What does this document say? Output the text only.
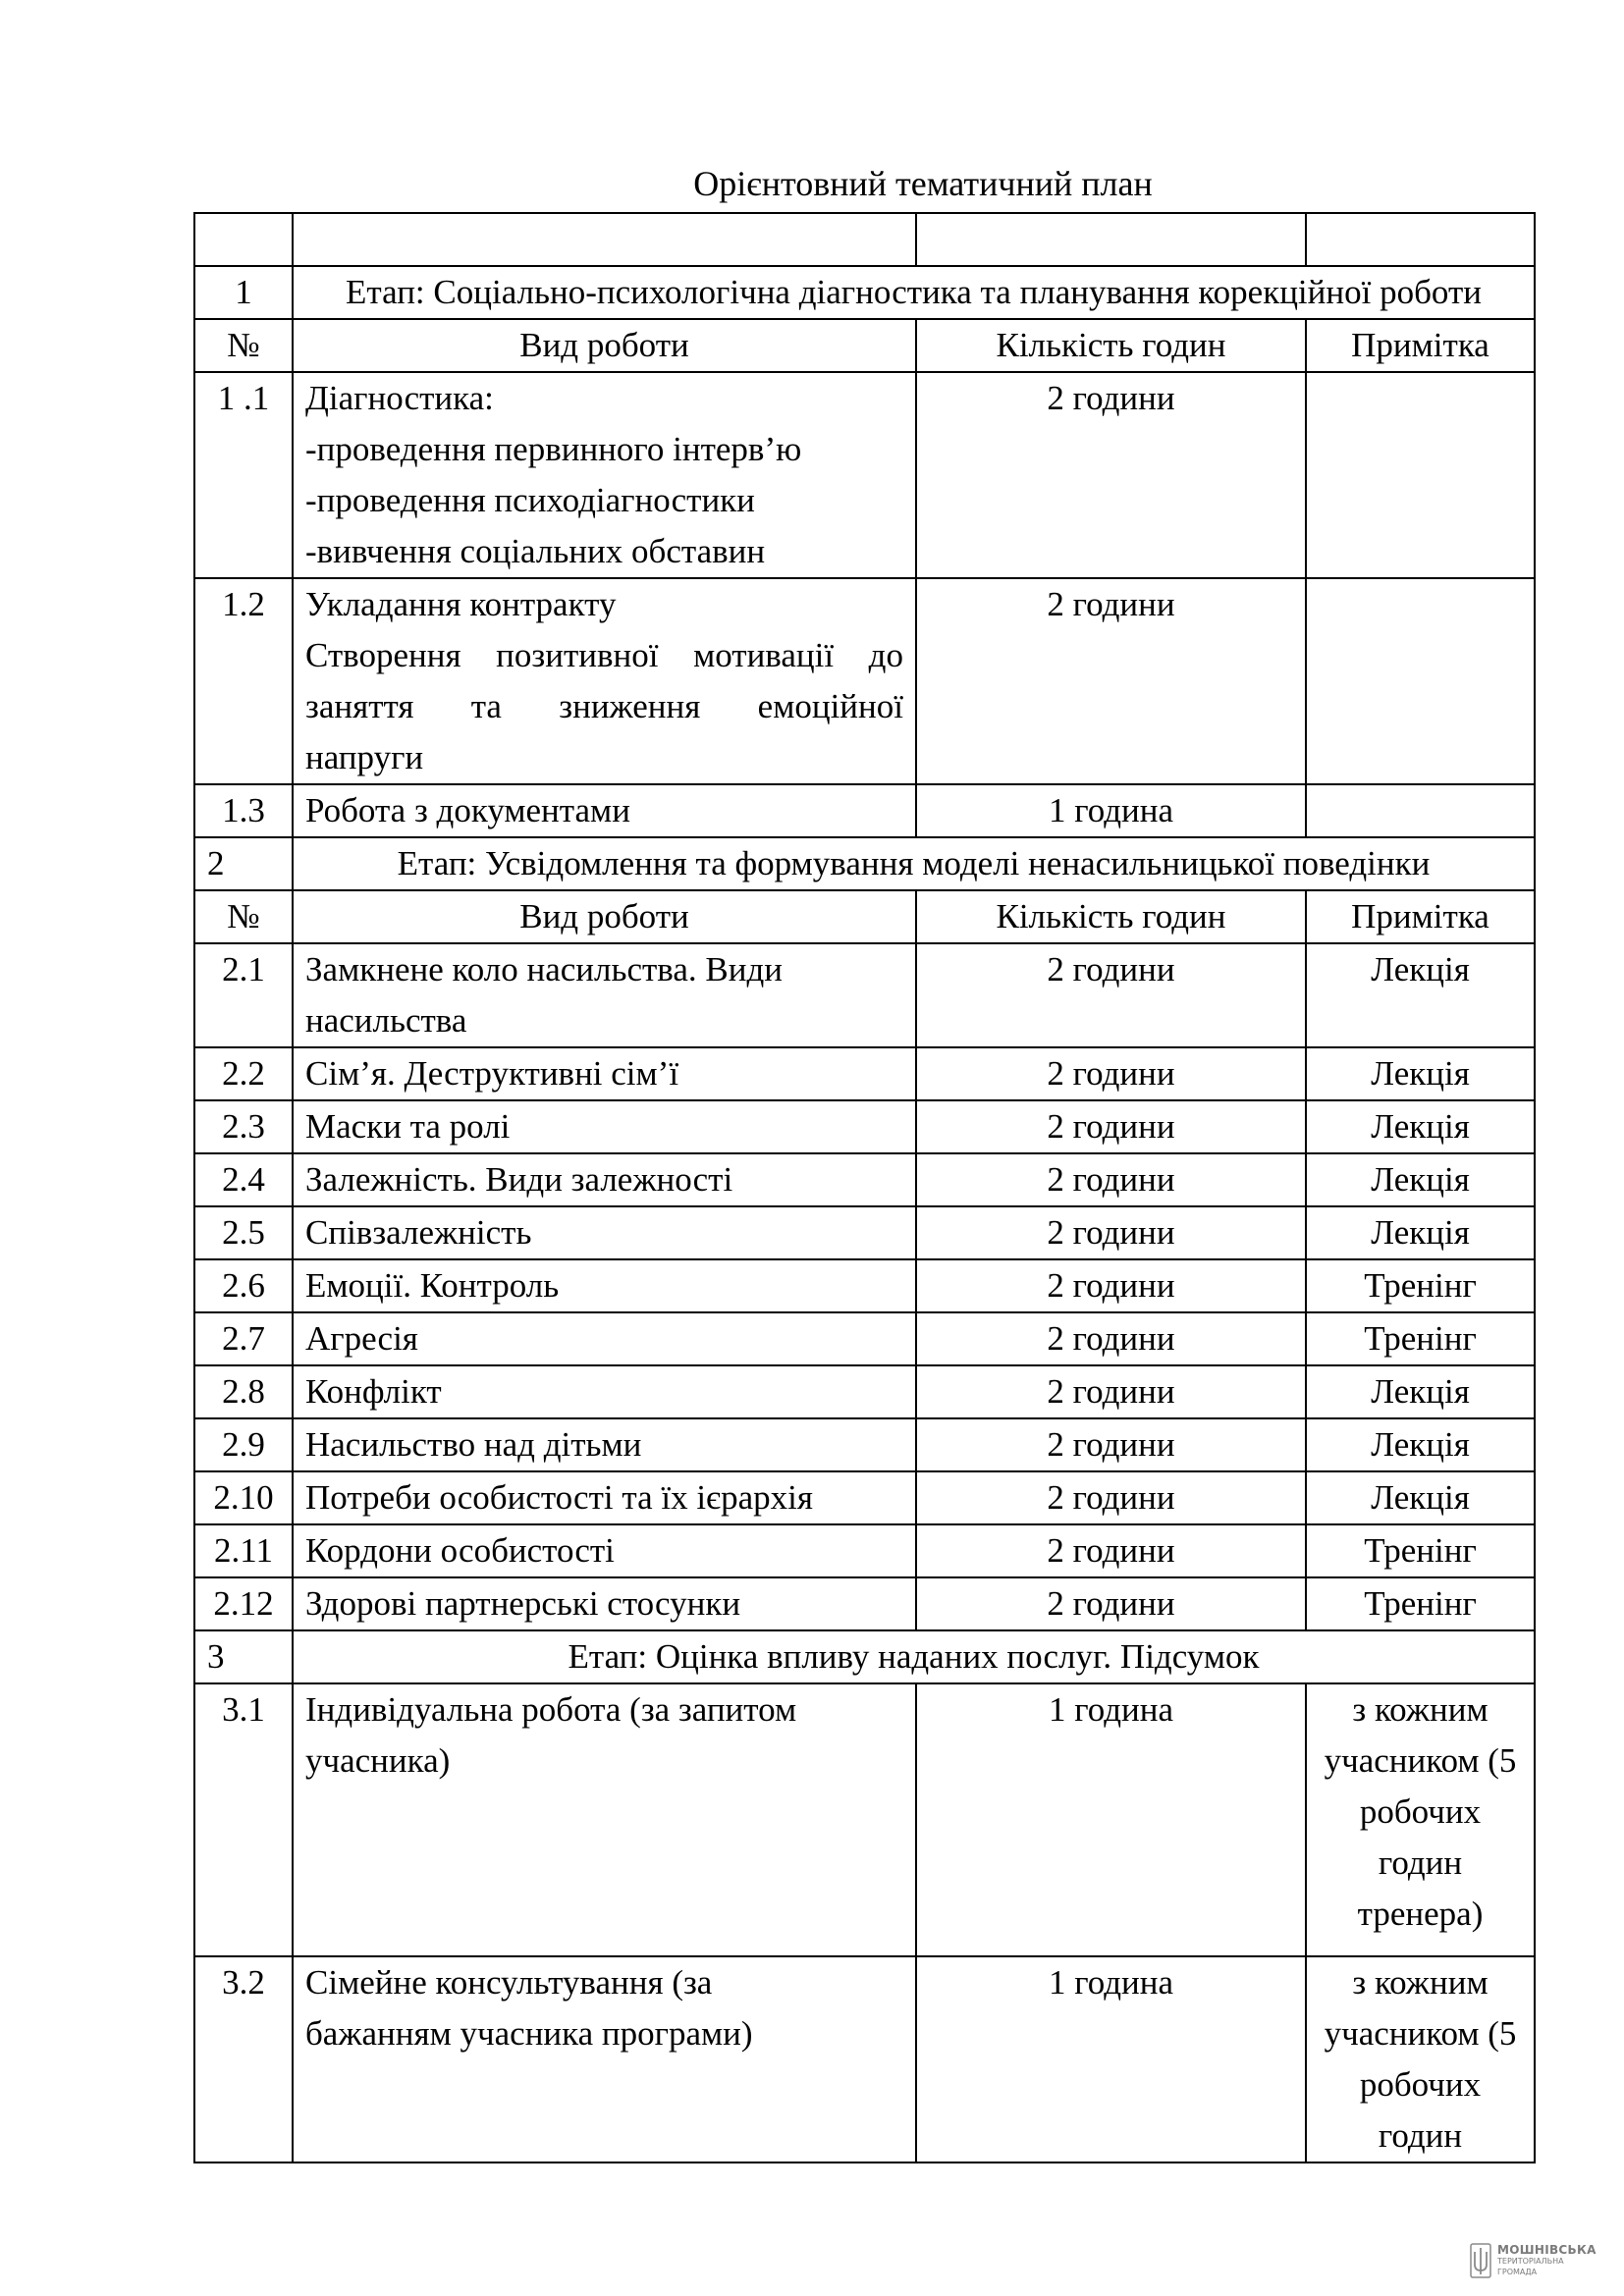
Орієнтовний тематичний план

1	Етап: Соціально-психологічна діагностика та планування корекційної роботи		
№	Вид роботи	Кількість годин	Примітка
1 .1	Діагностика:
-проведення первинного інтерв’ю
-проведення психодіагностики
-вивчення соціальних обставин	2 години	
1.2	Укладання контракту
Створення позитивної мотивації до
заняття та зниження емоційної
напруги	2 години	
1.3	Робота з документами	1 година	
2	Етап: Усвідомлення та формування моделі ненасильницької поведінки		
№	Вид роботи	Кількість годин	Примітка
2.1	Замкнене коло насильства. Види насильства	2 години	Лекція
2.2	Сім’я. Деструктивні сім’ї	2 години	Лекція
2.3	Маски та ролі	2 години	Лекція
2.4	Залежність. Види залежності	2 години	Лекція
2.5	Співзалежність	2 години	Лекція
2.6	Емоції. Контроль	2 години	Тренінг
2.7	Агресія	2 години	Тренінг
2.8	Конфлікт	2 години	Лекція
2.9	Насильство над дітьми	2 години	Лекція
2.10	Потреби особистості та їх ієрархія	2 години	Лекція
2.11	Кордони особистості	2 години	Тренінг
2.12	Здорові партнерські стосунки	2 години	Тренінг
3	Етап: Оцінка впливу наданих послуг. Підсумок		
3.1	Індивідуальна робота (за запитом учасника)	1 година	з кожним учасником (5 робочих годин тренера)
3.2	Сімейне консультування (за бажанням учасника програми)	1 година	з кожним учасником (5 робочих годин
МОШНІВСЬКА
ТЕРИТОРІАЛЬНА
ГРОМАДА
